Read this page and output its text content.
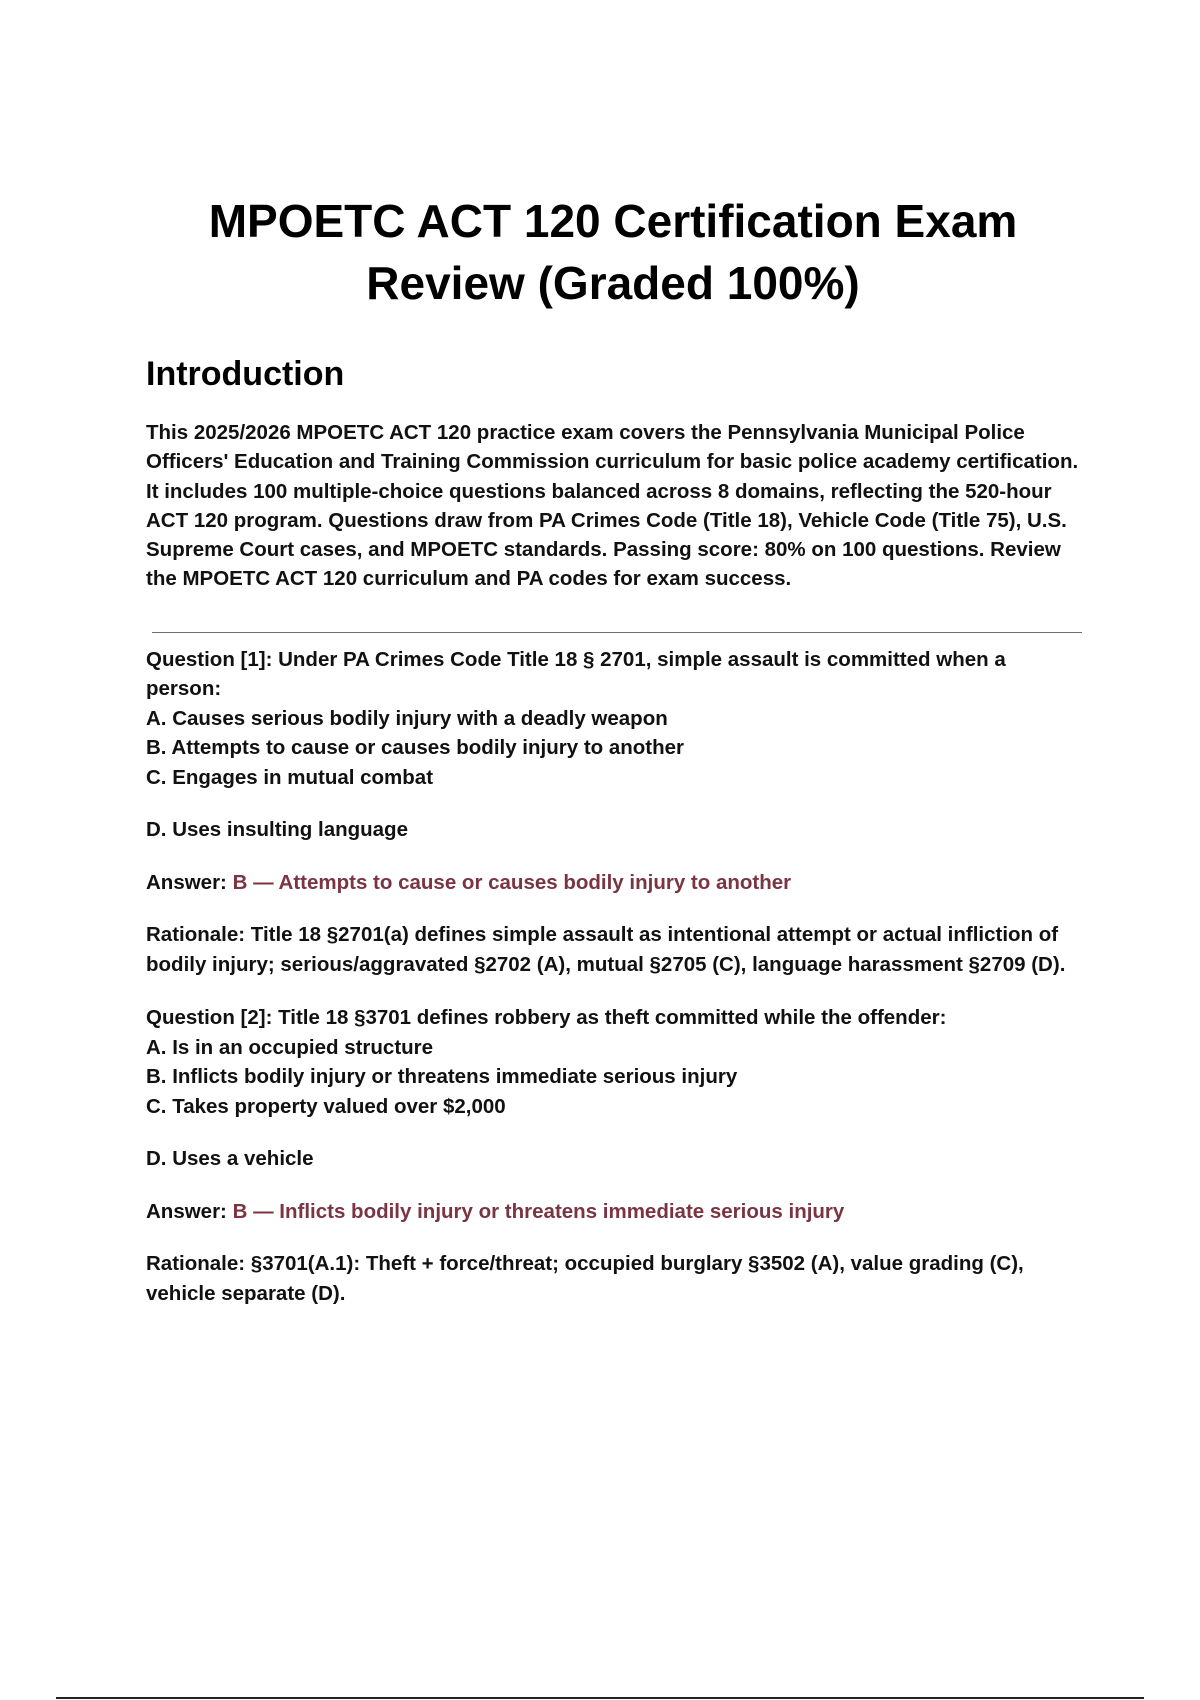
MPOETC ACT 120 Certification Exam
Review (Graded 100%)
Introduction

This 2025/2026 MPOETC ACT 120 practice exam covers the Pennsylvania Municipal Police Officers' Education and Training Commission curriculum for basic police academy certification. It includes 100 multiple-choice questions balanced across 8 domains, reflecting the 520-hour ACT 120 program. Questions draw from PA Crimes Code (Title 18), Vehicle Code (Title 75), U.S. Supreme Court cases, and MPOETC standards. Passing score: 80% on 100 questions. Review the MPOETC ACT 120 curriculum and PA codes for exam success.

Question [1]: Under PA Crimes Code Title 18 § 2701, simple assault is committed when a person:

A. Causes serious bodily injury with a deadly weapon

B. Attempts to cause or causes bodily injury to another

C. Engages in mutual combat

D. Uses insulting language

Answer: B — Attempts to cause or causes bodily injury to another

Rationale: Title 18 §2701(a) defines simple assault as intentional attempt or actual infliction of bodily injury; serious/aggravated §2702 (A), mutual §2705 (C), language harassment §2709 (D).

Question [2]: Title 18 §3701 defines robbery as theft committed while the offender:

A. Is in an occupied structure

B. Inflicts bodily injury or threatens immediate serious injury

C. Takes property valued over $2,000

D. Uses a vehicle

Answer: B — Inflicts bodily injury or threatens immediate serious injury

Rationale: §3701(A.1): Theft + force/threat; occupied burglary §3502 (A), value grading (C), vehicle separate (D).
